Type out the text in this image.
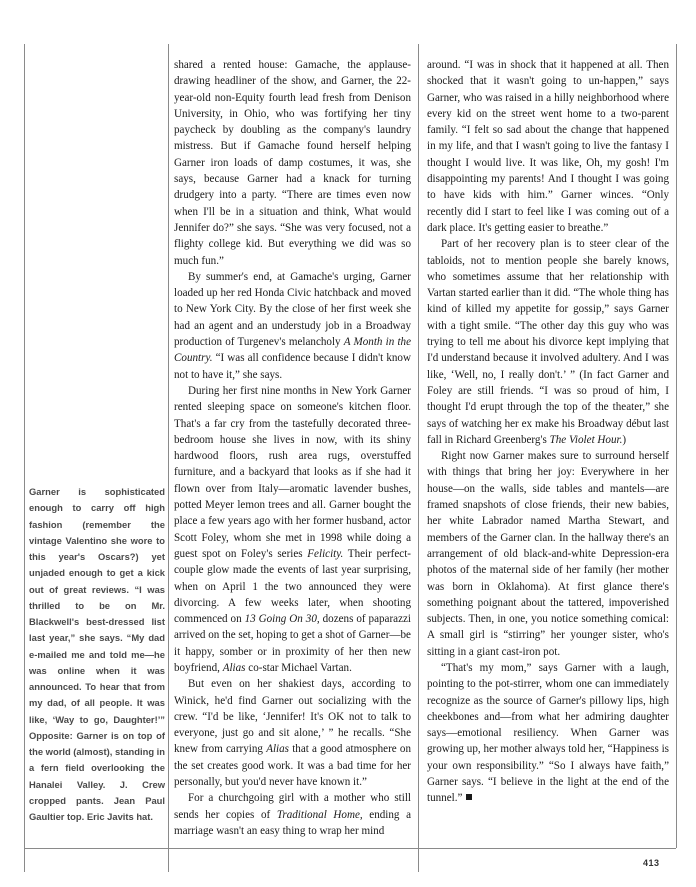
Garner is sophisticated enough to carry off high fashion (remember the vintage Valentino she wore to this year's Oscars?) yet unjaded enough to get a kick out of great reviews. “I was thrilled to be on Mr. Blackwell's best-dressed list last year,” she says. “My dad e-mailed me and told me—he was online when it was announced. To hear that from my dad, of all people. It was like, ‘Way to go, Daughter!’” Opposite: Garner is on top of the world (almost), standing in a fern field overlooking the Hanalei Valley. J. Crew cropped pants. Jean Paul Gaultier top. Eric Javits hat.

shared a rented house: Gamache, the applause-drawing headliner of the show, and Garner, the 22-year-old non-Equity fourth lead fresh from Denison University, in Ohio, who was fortifying her tiny paycheck by doubling as the company's laundry mistress. But if Gamache found herself helping Garner iron loads of damp costumes, it was, she says, because Garner had a knack for turning drudgery into a party. “There are times even now when I'll be in a situation and think, What would Jennifer do?” she says. “She was very focused, not a flighty college kid. But everything we did was so much fun.”

By summer's end, at Gamache's urging, Garner loaded up her red Honda Civic hatchback and moved to New York City. By the close of her first week she had an agent and an understudy job in a Broadway production of Turgenev's melancholy A Month in the Country. “I was all confidence because I didn't know not to have it,” she says.

During her first nine months in New York Garner rented sleeping space on someone's kitchen floor. That's a far cry from the tastefully decorated three-bedroom house she lives in now, with its shiny hardwood floors, rush area rugs, overstuffed furniture, and a backyard that looks as if she had it flown over from Italy—aromatic lavender bushes, potted Meyer lemon trees and all. Garner bought the place a few years ago with her former husband, actor Scott Foley, whom she met in 1998 while doing a guest spot on Foley's series Felicity. Their perfect-couple glow made the events of last year surprising, when on April 1 the two announced they were divorcing. A few weeks later, when shooting commenced on 13 Going On 30, dozens of paparazzi arrived on the set, hoping to get a shot of Garner—be it happy, somber or in proximity of her then new boyfriend, Alias co-star Michael Vartan.

But even on her shakiest days, according to Winick, he'd find Garner out socializing with the crew. “I'd be like, ‘Jennifer! It's OK not to talk to everyone, just go and sit alone,’ ” he recalls. “She knew from carrying Alias that a good atmosphere on the set creates good work. It was a bad time for her personally, but you'd never have known it.”

For a churchgoing girl with a mother who still sends her copies of Traditional Home, ending a marriage wasn't an easy thing to wrap her mind

around. “I was in shock that it happened at all. Then shocked that it wasn't going to un-happen,” says Garner, who was raised in a hilly neighborhood where every kid on the street went home to a two-parent family. “I felt so sad about the change that happened in my life, and that I wasn't going to live the fantasy I thought I would live. It was like, Oh, my gosh! I'm disappointing my parents! And I thought I was going to have kids with him.” Garner winces. “Only recently did I start to feel like I was coming out of a dark place. It's getting easier to breathe.”

Part of her recovery plan is to steer clear of the tabloids, not to mention people she barely knows, who sometimes assume that her relationship with Vartan started earlier than it did. “The whole thing has kind of killed my appetite for gossip,” says Garner with a tight smile. “The other day this guy who was trying to tell me about his divorce kept implying that I'd understand because it involved adultery. And I was like, ‘Well, no, I really don't.’ ” (In fact Garner and Foley are still friends. “I was so proud of him, I thought I'd erupt through the top of the theater,” she says of watching her ex make his Broadway début last fall in Richard Greenberg's The Violet Hour.)

Right now Garner makes sure to surround herself with things that bring her joy: Everywhere in her house—on the walls, side tables and mantels—are framed snapshots of close friends, their new babies, her white Labrador named Martha Stewart, and members of the Garner clan. In the hallway there's an arrangement of old black-and-white Depression-era photos of the maternal side of her family (her mother was born in Oklahoma). At first glance there's something poignant about the tattered, impoverished subjects. Then, in one, you notice something comical: A small girl is “stirring” her younger sister, who's sitting in a giant cast-iron pot.

“That's my mom,” says Garner with a laugh, pointing to the pot-stirrer, whom one can immediately recognize as the source of Garner's pillowy lips, high cheekbones and—from what her admiring daughter says—emotional resiliency. When Garner was growing up, her mother always told her, “Happiness is your own responsibility.” “So I always have faith,” Garner says. “I believe in the light at the end of the tunnel.”

413
